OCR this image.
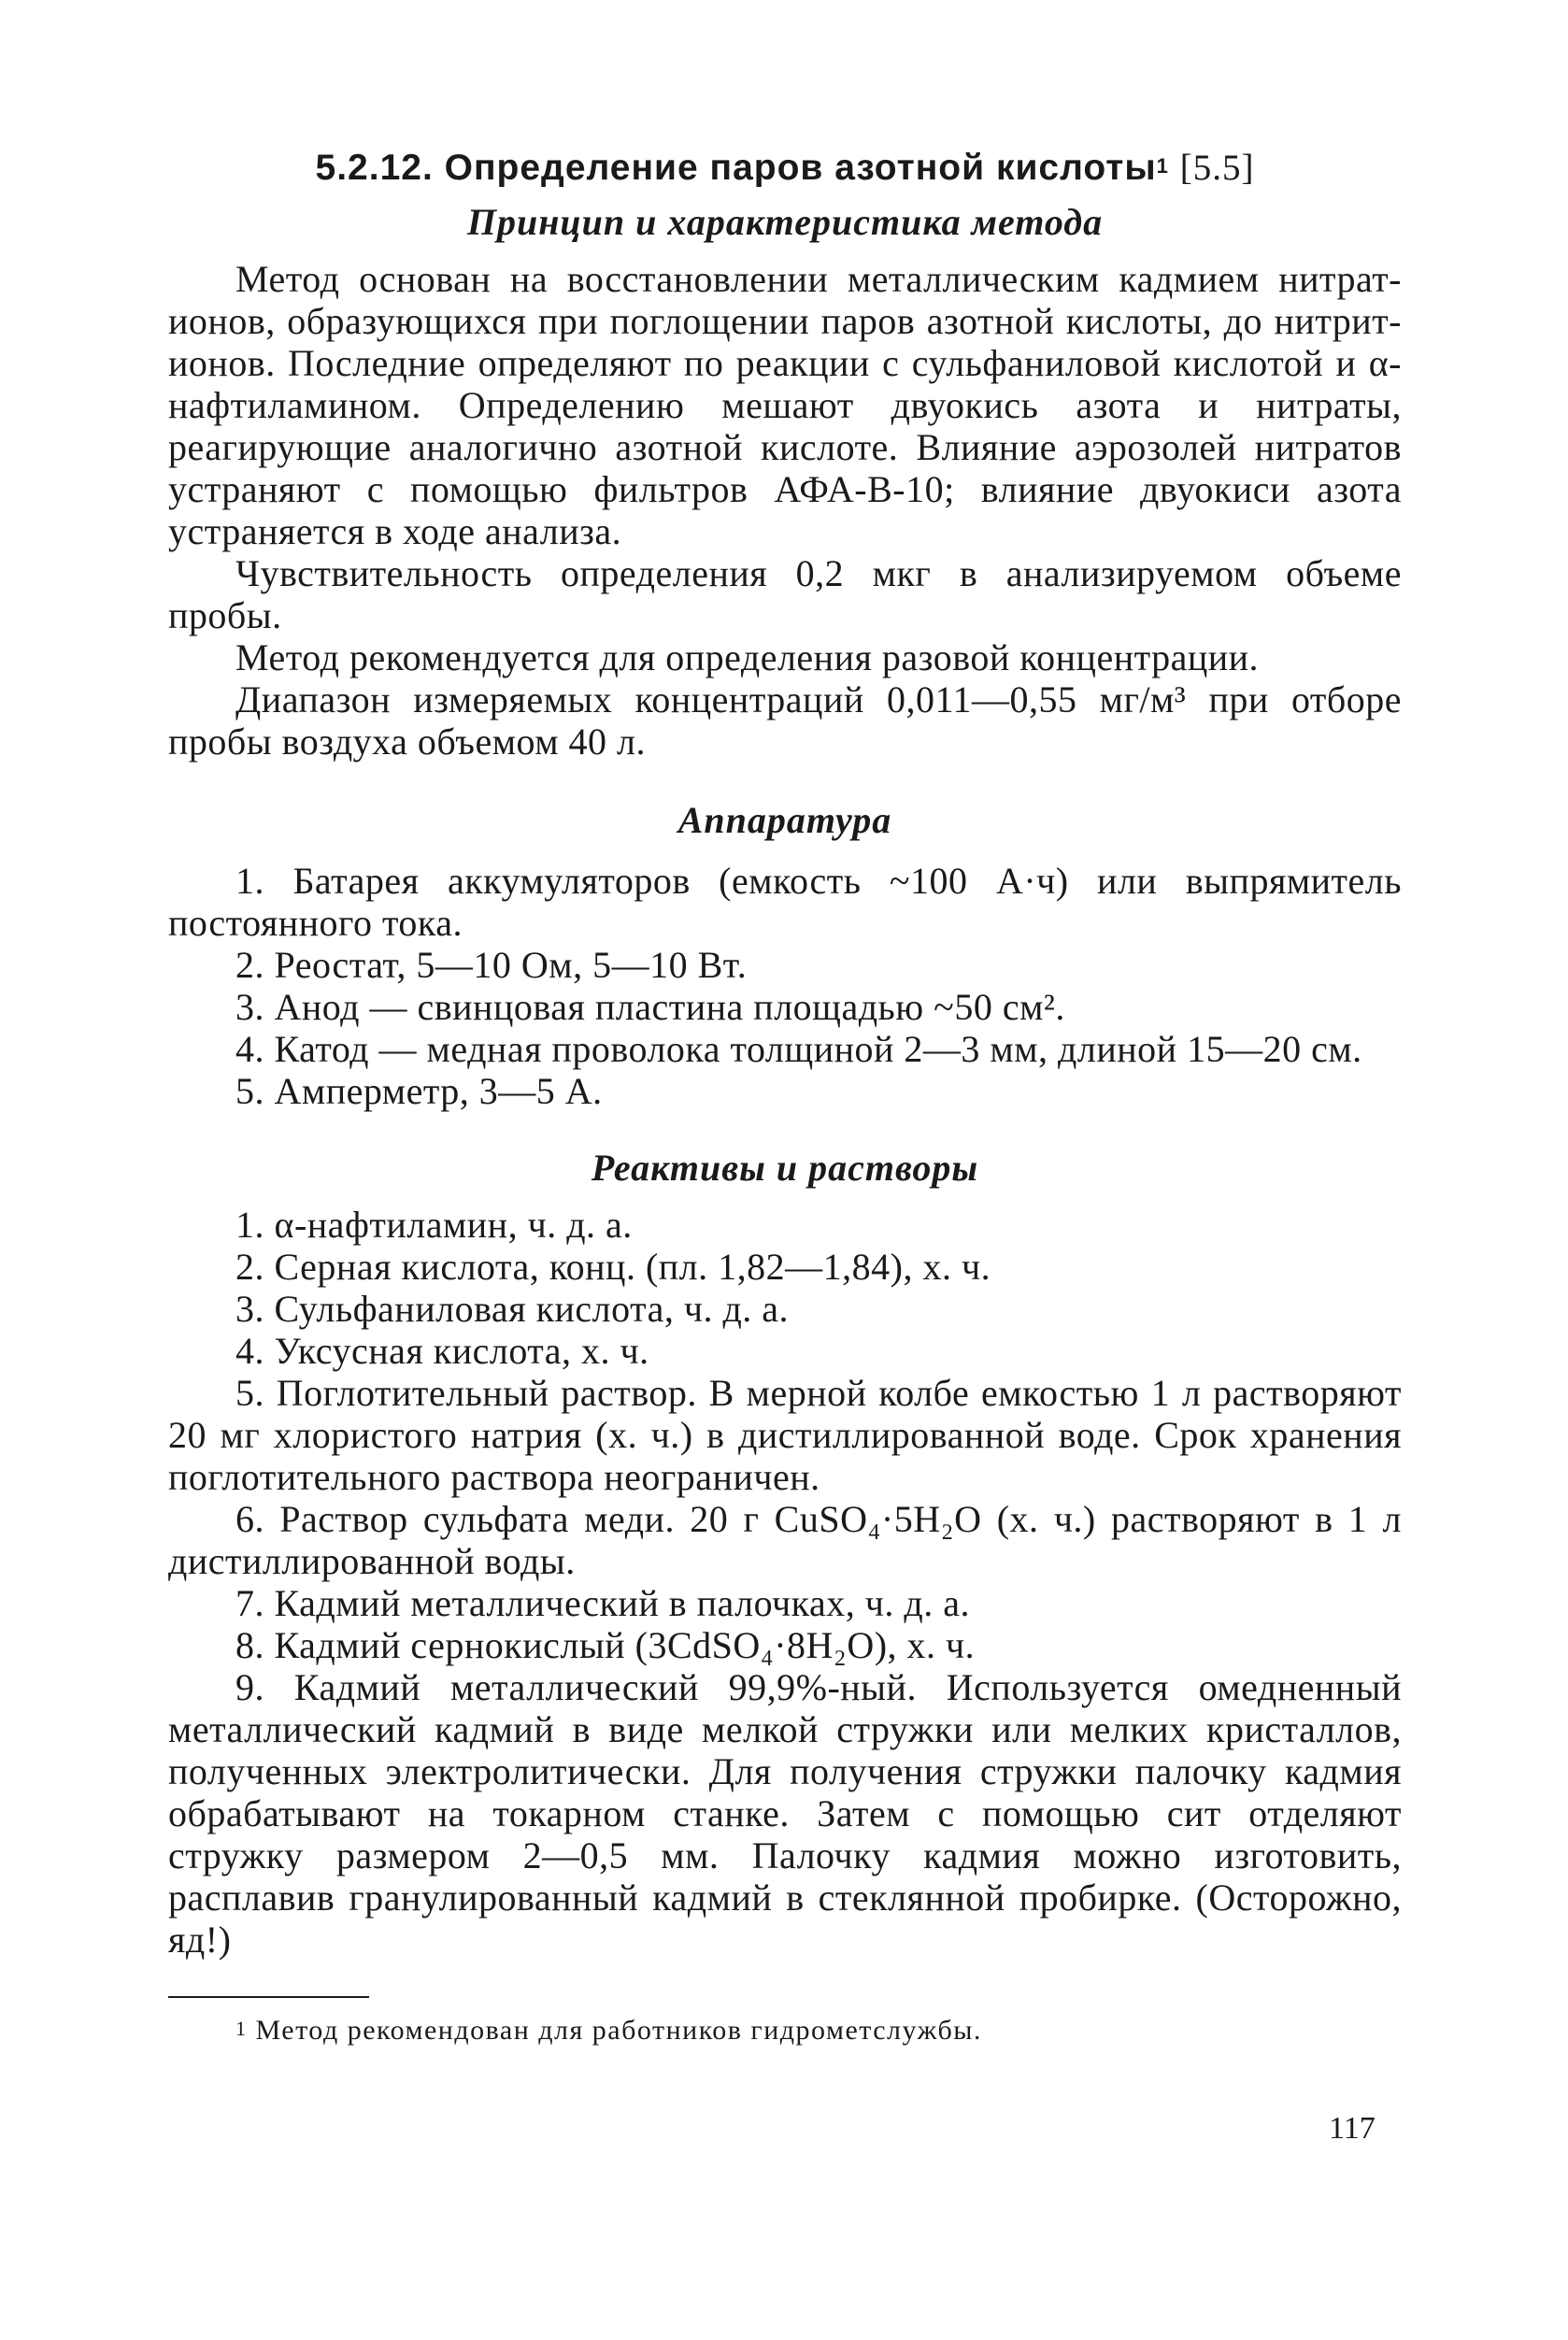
5.2.12. Определение паров азотной кислоты$^1$ [5.5]
Принцип и характеристика метода

Метод основан на восстановлении металлическим кадмием нитрат-ионов, образующихся при поглощении паров азотной кислоты, до нитрит-ионов. Последние определяют по реакции с сульфаниловой кислотой и α-нафтиламином. Определению мешают двуокись азота и нитраты, реагирующие аналогично азотной кислоте. Влияние аэрозолей нитратов устраняют с помощью фильтров АФА-В-10; влияние двуокиси азота устраняется в ходе анализа.

Чувствительность определения 0,2 мкг в анализируемом объеме пробы.

Метод рекомендуется для определения разовой концентрации.

Диапазон измеряемых концентраций 0,011—0,55 мг/м³ при отборе пробы воздуха объемом 40 л.

Аппаратура

1. Батарея аккумуляторов (емкость ~100 А·ч) или выпрямитель постоянного тока.

2. Реостат, 5—10 Ом, 5—10 Вт.

3. Анод — свинцовая пластина площадью ~50 см².

4. Катод — медная проволока толщиной 2—3 мм, длиной 15—20 см.

5. Амперметр, 3—5 А.

Реактивы и растворы

1. α-нафтиламин, ч. д. а.

2. Серная кислота, конц. (пл. 1,82—1,84), х. ч.

3. Сульфаниловая кислота, ч. д. а.

4. Уксусная кислота, х. ч.

5. Поглотительный раствор. В мерной колбе емкостью 1 л растворяют 20 мг хлористого натрия (х. ч.) в дистиллированной воде. Срок хранения поглотительного раствора неограничен.

6. Раствор сульфата меди. 20 г CuSO₄·5H₂O (х. ч.) растворяют в 1 л дистиллированной воды.

7. Кадмий металлический в палочках, ч. д. а.

8. Кадмий сернокислый (3CdSO₄·8H₂O), х. ч.

9. Кадмий металлический 99,9%-ный. Используется омедненный металлический кадмий в виде мелкой стружки или мелких кристаллов, полученных электролитически. Для получения стружки палочку кадмия обрабатывают на токарном станке. Затем с помощью сит отделяют стружку размером 2—0,5 мм. Палочку кадмия можно изготовить, расплавив гранулированный кадмий в стеклянной пробирке. (Осторожно, яд!)

$^1$ Метод рекомендован для работников гидрометслужбы.

117
